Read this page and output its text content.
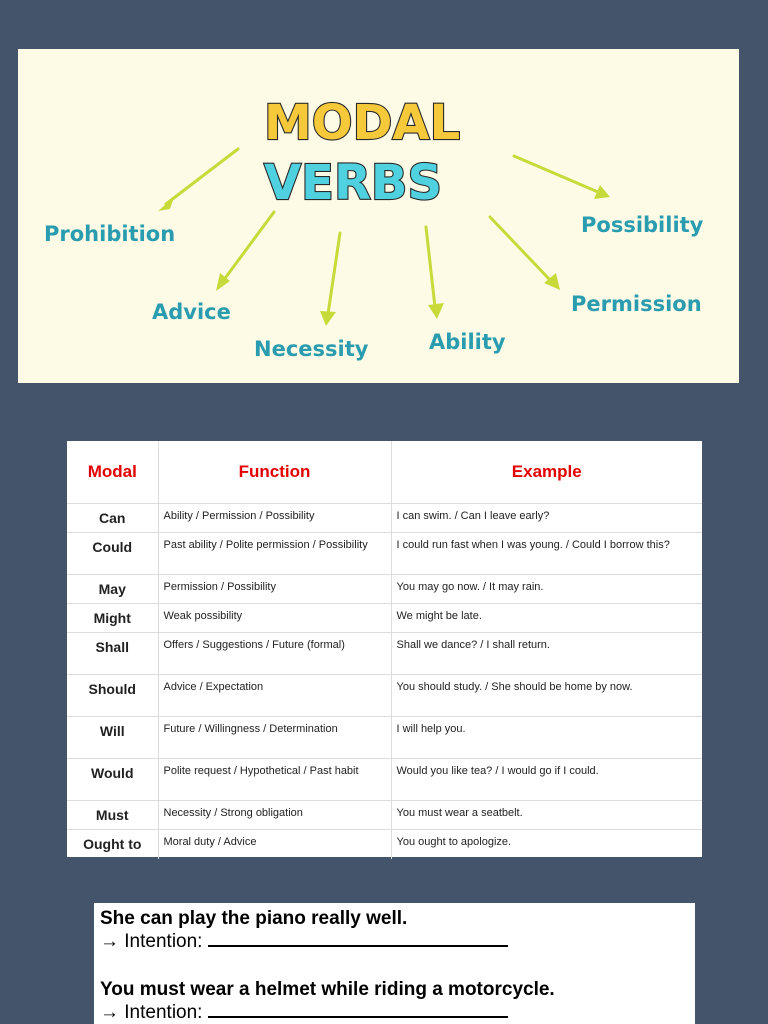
MODAL
VERBS
Prohibition
Advice
Necessity	Ability
Permission
Possibility
Modal	Function	Example
Can	Ability / Permission / Possibility	I can swim. / Can I leave early?
Could	Past ability / Polite permission / Possibility	I could run fast when I was young. / Could I borrow this?
May	Permission / Possibility	You may go now. / It may rain.
Might	Weak possibility	We might be late.
Shall	Offers / Suggestions / Future (formal)	Shall we dance? / I shall return.
Should	Advice / Expectation	You should study. / She should be home by now.
Will	Future / Willingness / Determination	I will help you.
Would	Polite request / Hypothetical / Past habit	Would you like tea? / I would go if I could.
Must	Necessity / Strong obligation	You must wear a seatbelt.
Ought to	Moral duty / Advice	You ought to apologize.

She can play the piano really well.

→ Intention:

You must wear a helmet while riding a motorcycle.

→ Intention:
